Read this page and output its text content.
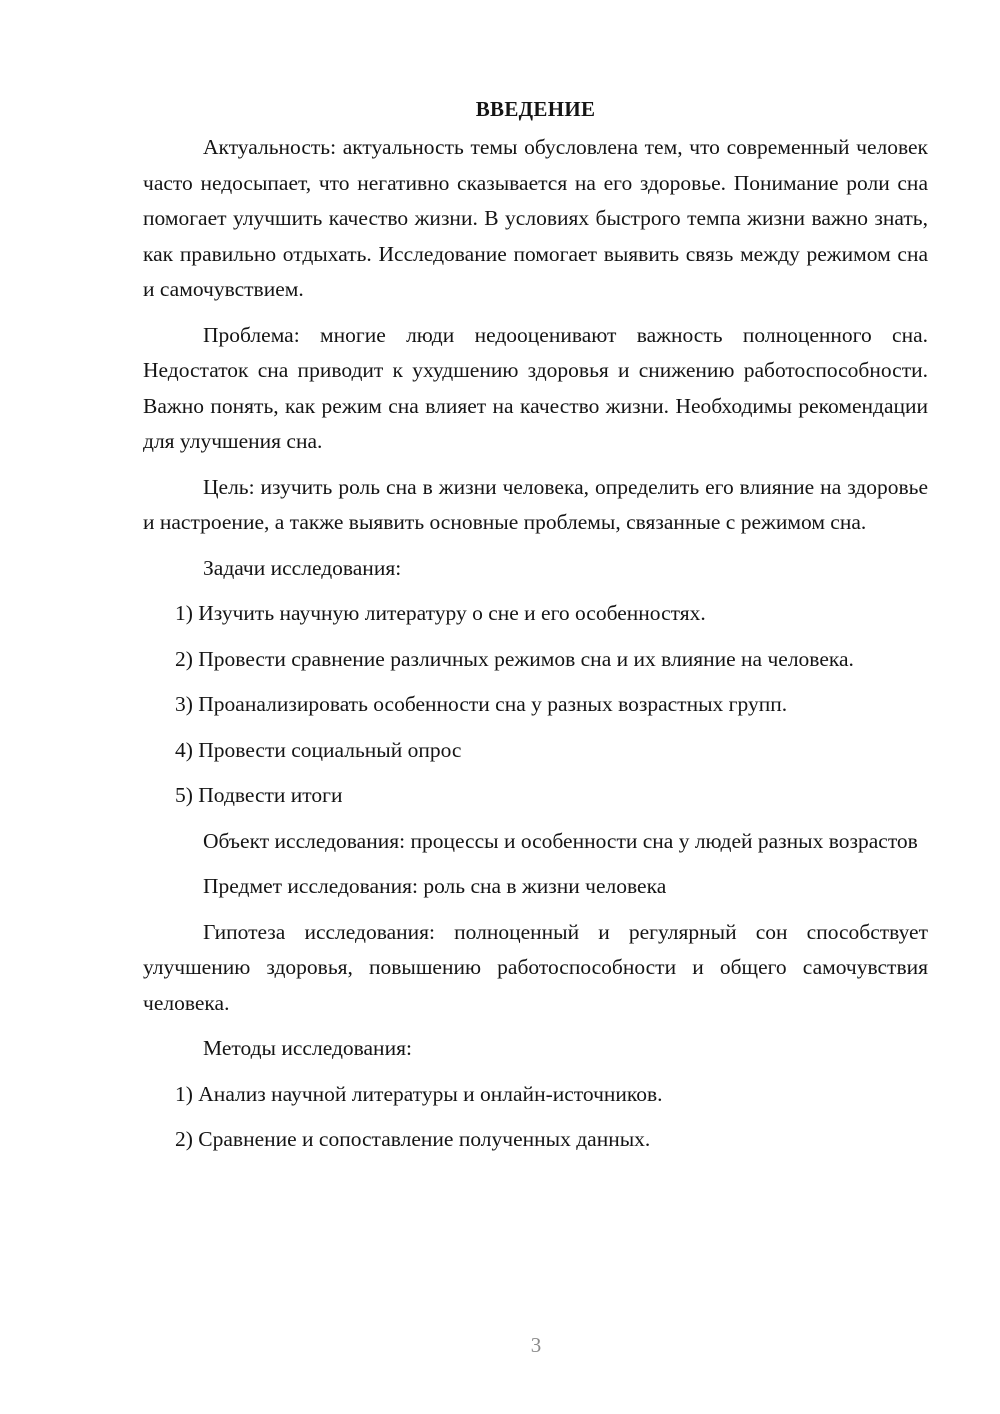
ВВЕДЕНИЕ

Актуальность: актуальность темы обусловлена тем, что современный человек часто недосыпает, что негативно сказывается на его здоровье. Понимание роли сна помогает улучшить качество жизни. В условиях быстрого темпа жизни важно знать, как правильно отдыхать. Исследование помогает выявить связь между режимом сна и самочувствием.

Проблема: многие люди недооценивают важность полноценного сна. Недостаток сна приводит к ухудшению здоровья и снижению работоспособности. Важно понять, как режим сна влияет на качество жизни. Необходимы рекомендации для улучшения сна.

Цель: изучить роль сна в жизни человека, определить его влияние на здоровье и настроение, а также выявить основные проблемы, связанные с режимом сна.

Задачи исследования:

1) Изучить научную литературу о сне и его особенностях.

2) Провести сравнение различных режимов сна и их влияние на человека.

3) Проанализировать особенности сна у разных возрастных групп.

4) Провести социальный опрос

5) Подвести итоги

Объект исследования: процессы и особенности сна у людей разных возрастов

Предмет исследования: роль сна в жизни человека

Гипотеза исследования: полноценный и регулярный сон способствует улучшению здоровья, повышению работоспособности и общего самочувствия человека.

Методы исследования:

1) Анализ научной литературы и онлайн-источников.

2) Сравнение и сопоставление полученных данных.

3
